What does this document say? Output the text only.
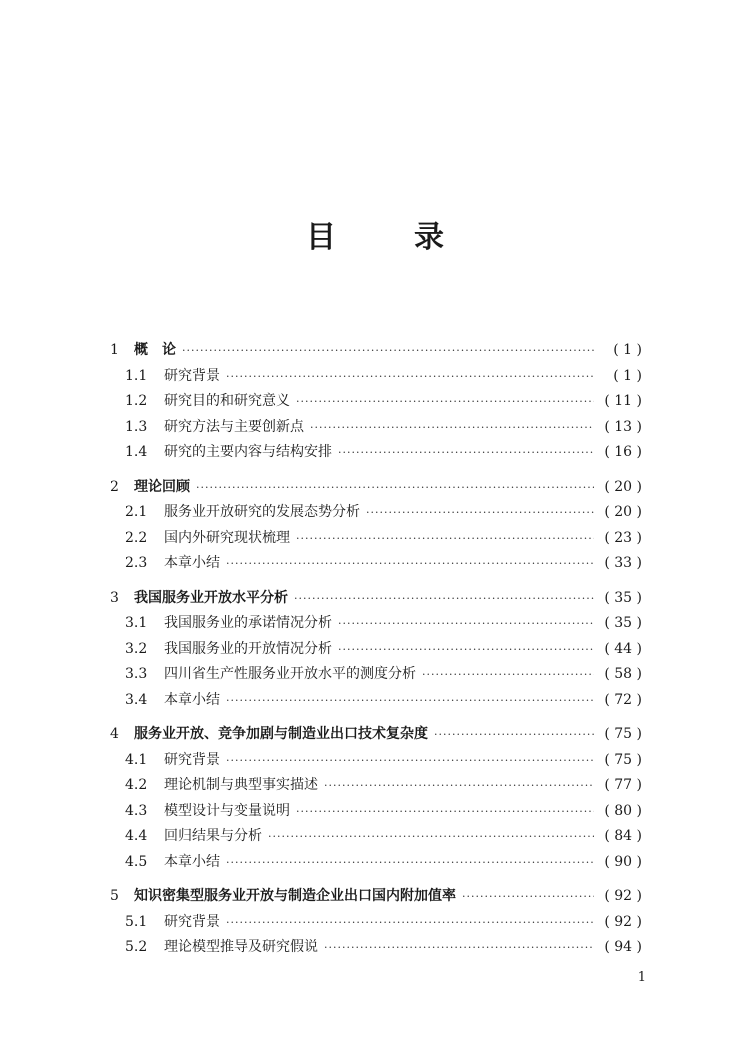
目　录
1 概　论 ·····	( 1 )
1.1 研究背景 ·····	( 1 )
1.2 研究目的和研究意义 ·····	( 11 )
1.3 研究方法与主要创新点 ·····	( 13 )
1.4 研究的主要内容与结构安排 ·····	( 16 )
2 理论回顾 ·····	( 20 )
2.1 服务业开放研究的发展态势分析 ·····	( 20 )
2.2 国内外研究现状梳理 ·····	( 23 )
2.3 本章小结 ·····	( 33 )
3 我国服务业开放水平分析 ·····	( 35 )
3.1 我国服务业的承诺情况分析 ·····	( 35 )
3.2 我国服务业的开放情况分析 ·····	( 44 )
3.3 四川省生产性服务业开放水平的测度分析 ·····	( 58 )
3.4 本章小结 ·····	( 72 )
4 服务业开放、竞争加剧与制造业出口技术复杂度 ·····	( 75 )
4.1 研究背景 ·····	( 75 )
4.2 理论机制与典型事实描述 ·····	( 77 )
4.3 模型设计与变量说明 ·····	( 80 )
4.4 回归结果与分析 ·····	( 84 )
4.5 本章小结 ·····	( 90 )
5 知识密集型服务业开放与制造企业出口国内附加值率 ·····	( 92 )
5.1 研究背景 ·····	( 92 )
5.2 理论模型推导及研究假说 ·····	( 94 )
1
